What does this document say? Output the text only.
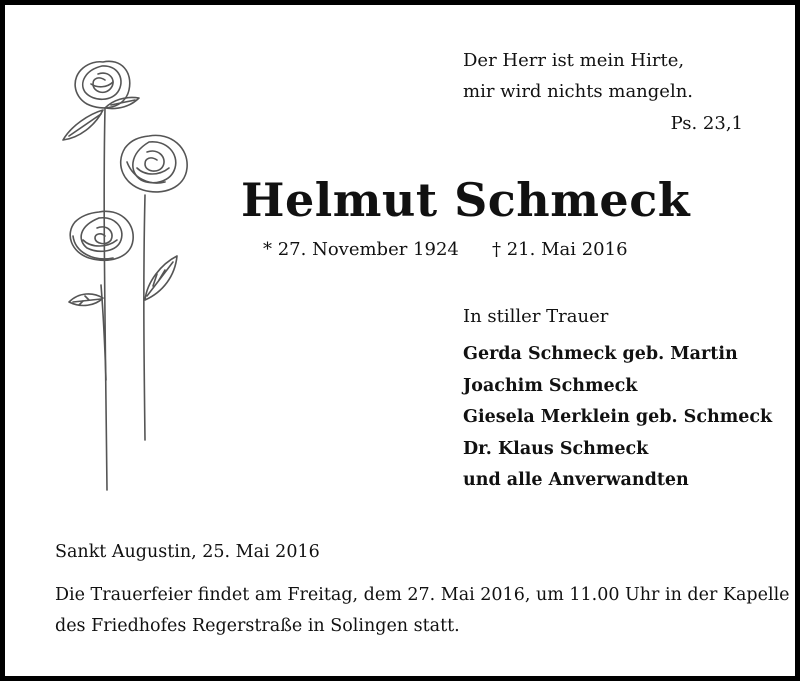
Der Herr ist mein Hirte,
mir wird nichts mangeln.
Ps. 23,1
Helmut Schmeck
* 27. November 1924 † 21. Mai 2016
In stiller Trauer
Gerda Schmeck geb. Martin
Joachim Schmeck
Giesela Merklein geb. Schmeck
Dr. Klaus Schmeck
und alle Anverwandten
Sankt Augustin, 25. Mai 2016
Die Trauerfeier findet am Freitag, dem 27. Mai 2016, um 11.00 Uhr in der Kapelle
des Friedhofes Regerstraße in Solingen statt.
